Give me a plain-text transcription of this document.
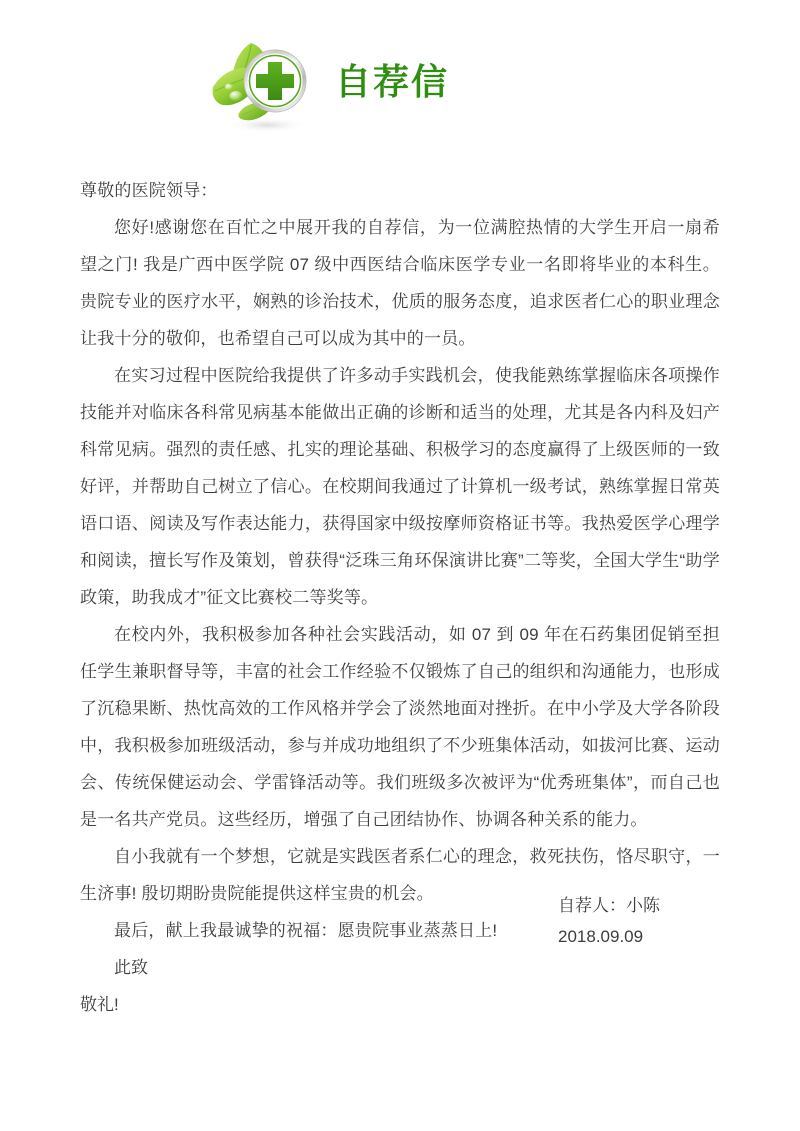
自荐信

尊敬的医院领导：

您好!感谢您在百忙之中展开我的自荐信，为一位满腔热情的大学生开启一扇希望之门! 我是广西中医学院 07 级中西医结合临床医学专业一名即将毕业的本科生。贵院专业的医疗水平，娴熟的诊治技术，优质的服务态度，追求医者仁心的职业理念让我十分的敬仰，也希望自己可以成为其中的一员。

在实习过程中医院给我提供了许多动手实践机会，使我能熟练掌握临床各项操作技能并对临床各科常见病基本能做出正确的诊断和适当的处理，尤其是各内科及妇产科常见病。强烈的责任感、扎实的理论基础、积极学习的态度赢得了上级医师的一致好评，并帮助自己树立了信心。在校期间我通过了计算机一级考试，熟练掌握日常英语口语、阅读及写作表达能力，获得国家中级按摩师资格证书等。我热爱医学心理学和阅读，擅长写作及策划，曾获得“泛珠三角环保演讲比赛”二等奖，全国大学生“助学政策，助我成才”征文比赛校二等奖等。

在校内外，我积极参加各种社会实践活动，如 07 到 09 年在石药集团促销至担任学生兼职督导等，丰富的社会工作经验不仅锻炼了自己的组织和沟通能力，也形成了沉稳果断、热忱高效的工作风格并学会了淡然地面对挫折。在中小学及大学各阶段中，我积极参加班级活动，参与并成功地组织了不少班集体活动，如拔河比赛、运动会、传统保健运动会、学雷锋活动等。我们班级多次被评为“优秀班集体”，而自己也是一名共产党员。这些经历，增强了自己团结协作、协调各种关系的能力。

自小我就有一个梦想，它就是实践医者系仁心的理念，救死扶伤，恪尽职守，一生济事! 殷切期盼贵院能提供这样宝贵的机会。

最后，献上我最诚挚的祝福：愿贵院事业蒸蒸日上!

此致

敬礼!

自荐人：小陈
2018.09.09
